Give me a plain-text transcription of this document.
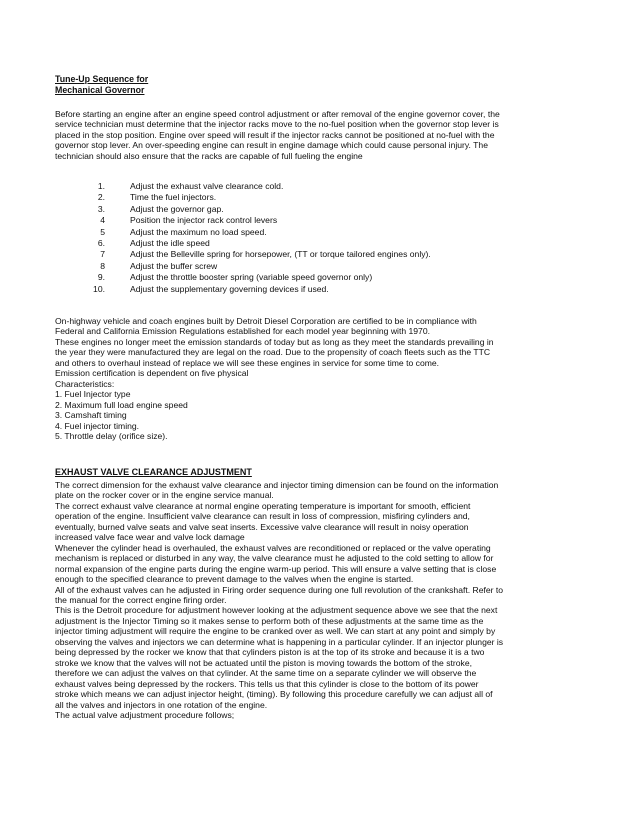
Tune-Up Sequence for
Mechanical Governor
Before starting an engine after an engine speed control adjustment or after removal of the engine governor cover, the
service technician must determine that the injector racks move to the no-fuel position when the governor stop lever is
placed in the stop position. Engine over speed will result if the injector racks cannot be positioned at no-fuel with the
governor stop lever. An over-speeding engine can result in engine damage which could cause personal injury. The
technician should also ensure that the racks are capable of full fueling the engine
1.	Adjust the exhaust valve clearance cold.
2.	Time the fuel injectors.
3.	Adjust the governor gap.
4	Position the injector rack control levers
5	Adjust the maximum no load speed.
6.	Adjust the idle speed
7	Adjust the Belleville spring for horsepower, (TT or torque tailored engines only).
8	Adjust the buffer screw
9.	Adjust the throttle booster spring (variable speed governor only)
10.	Adjust the supplementary governing devices if used.
On-highway vehicle and coach engines built by Detroit Diesel Corporation are certified to be in compliance with
Federal and California Emission Regulations established for each model year beginning with 1970.
These engines no longer meet the emission standards of today but as long as they meet the standards prevailing in
the year they were manufactured they are legal on the road. Due to the propensity of coach fleets such as the TTC
and others to overhaul instead of replace we will see these engines in service for some time to come.
Emission certification is dependent on five physical
Characteristics:
1. Fuel Injector type
2. Maximum full load engine speed
3. Camshaft timing
4. Fuel injector timing.
5. Throttle delay (orifice size).
EXHAUST VALVE CLEARANCE ADJUSTMENT
The correct dimension for the exhaust valve clearance and injector timing dimension can be found on the information
plate on the rocker cover or in the engine service manual.
The correct exhaust valve clearance at normal engine operating temperature is important for smooth, efficient
operation of the engine. Insufficient valve clearance can result in loss of compression, misfiring cylinders and,
eventually, burned valve seats and valve seat inserts. Excessive valve clearance will result in noisy operation
increased valve face wear and valve lock damage
Whenever the cylinder head is overhauled, the exhaust valves are reconditioned or replaced or the valve operating
mechanism is replaced or disturbed in any way, the valve clearance must he adjusted to the cold setting to allow for
normal expansion of the engine parts during the engine warm-up period. This will ensure a valve setting that is close
enough to the specified clearance to prevent damage to the valves when the engine is started.
All of the exhaust valves can he adjusted in Firing order sequence during one full revolution of the crankshaft. Refer to
the manual for the correct engine firing order.
This is the Detroit procedure for adjustment however looking at the adjustment sequence above we see that the next
adjustment is the Injector Timing so it makes sense to perform both of these adjustments at the same time as the
injector timing adjustment will require the engine to be cranked over as well. We can start at any point and simply by
observing the valves and injectors we can determine what is happening in a particular cylinder. If an injector plunger is
being depressed by the rocker we know that that cylinders piston is at the top of its stroke and because it is a two
stroke we know that the valves will not be actuated until the piston is moving towards the bottom of the stroke,
therefore we can adjust the valves on that cylinder. At the same time on a separate cylinder we will observe the
exhaust valves being depressed by the rockers. This tells us that this cylinder is close to the bottom of its power
stroke which means we can adjust injector height, (timing). By following this procedure carefully we can adjust all of
all the valves and injectors in one rotation of the engine.
The actual valve adjustment procedure follows;
